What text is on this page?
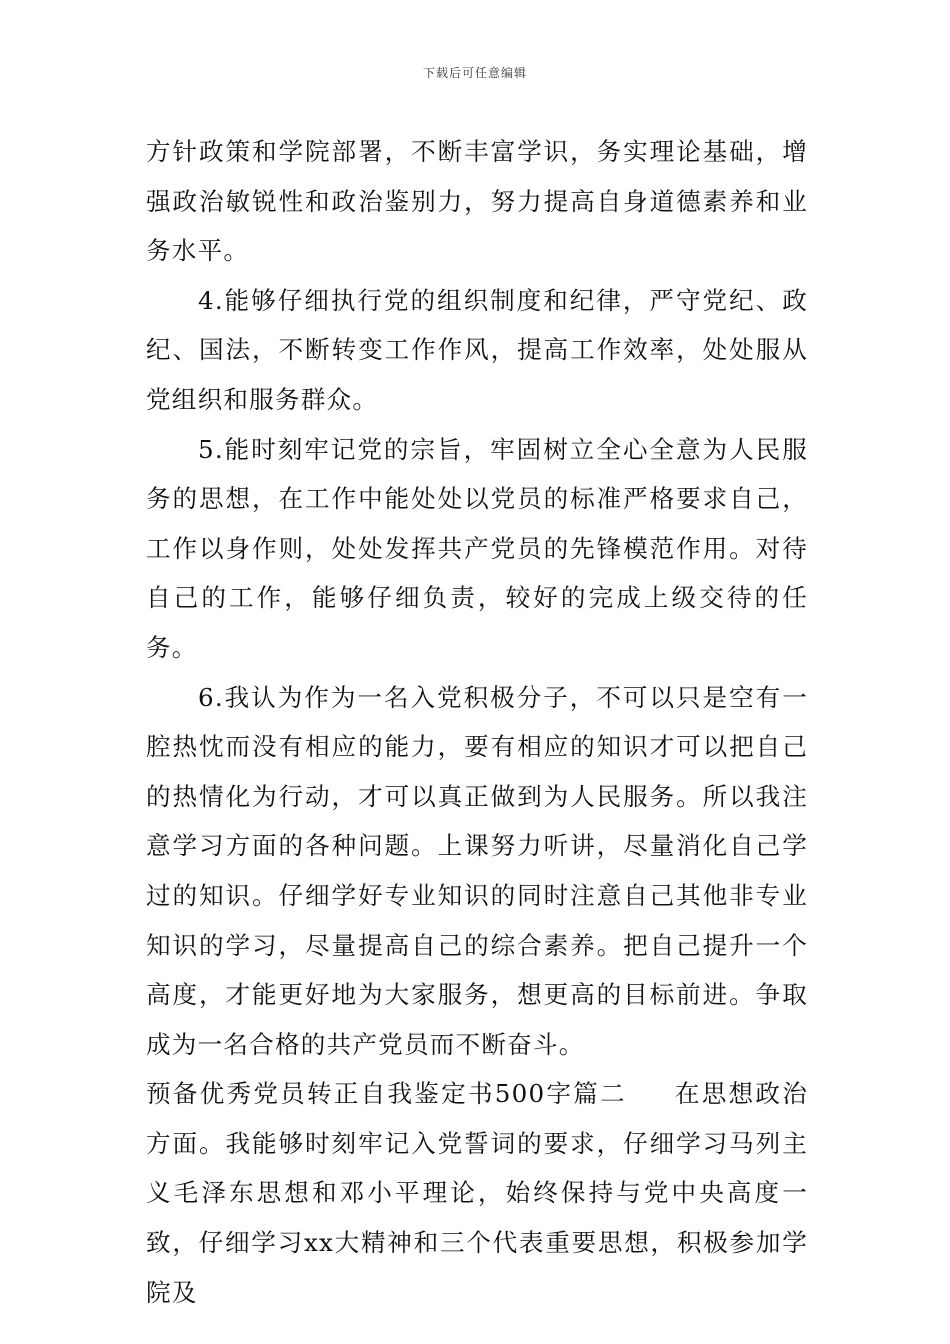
下载后可任意编辑

方针政策和学院部署，不断丰富学识，务实理论基础，增强政治敏锐性和政治鉴别力，努力提高自身道德素养和业务水平。

4.能够仔细执行党的组织制度和纪律，严守党纪、政纪、国法，不断转变工作作风，提高工作效率，处处服从党组织和服务群众。

5.能时刻牢记党的宗旨，牢固树立全心全意为人民服务的思想，在工作中能处处以党员的标准严格要求自己，工作以身作则，处处发挥共产党员的先锋模范作用。对待自己的工作，能够仔细负责，较好的完成上级交待的任务。

6.我认为作为一名入党积极分子，不可以只是空有一腔热忱而没有相应的能力，要有相应的知识才可以把自己的热情化为行动，才可以真正做到为人民服务。所以我注意学习方面的各种问题。上课努力听讲，尽量消化自己学过的知识。仔细学好专业知识的同时注意自己其他非专业知识的学习，尽量提高自己的综合素养。把自己提升一个高度，才能更好地为大家服务，想更高的目标前进。争取成为一名合格的共产党员而不断奋斗。

预备优秀党员转正自我鉴定书500字篇二 在思想政治方面。我能够时刻牢记入党誓词的要求，仔细学习马列主义毛泽东思想和邓小平理论，始终保持与党中央高度一致，仔细学习xx大精神和三个代表重要思想，积极参加学院及
